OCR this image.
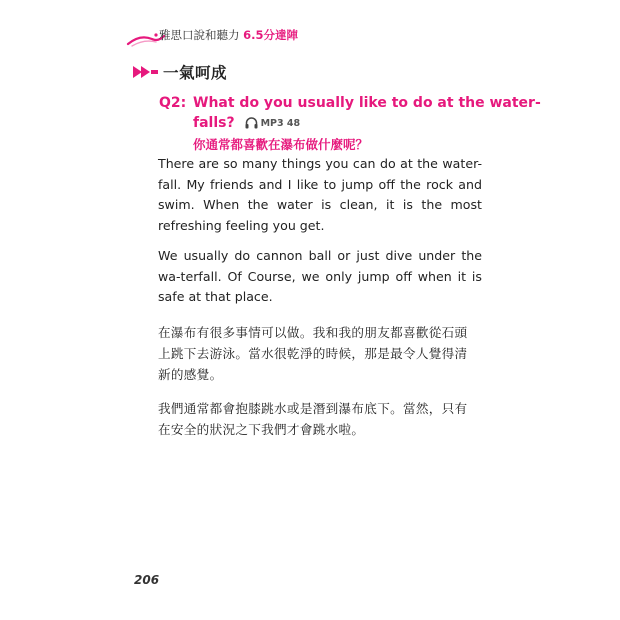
雅思口說和聽力 6.5分達陣
一氣呵成
Q2: What do you usually like to do at the water-
falls?	MP3 48
你通常都喜歡在瀑布做什麼呢？

There are so many things you can do at the water-fall. My friends and I like to jump off the rock and swim. When the water is clean, it is the most refreshing feeling you get.

We usually do cannon ball or just dive under the wa-terfall. Of Course, we only jump off when it is safe at that place.

在瀑布有很多事情可以做。我和我的朋友都喜歡從石頭上跳下去游泳。當水很乾淨的時候，那是最令人覺得清新的感覺。

我們通常都會抱膝跳水或是潛到瀑布底下。當然，只有在安全的狀況之下我們才會跳水啦。

206
